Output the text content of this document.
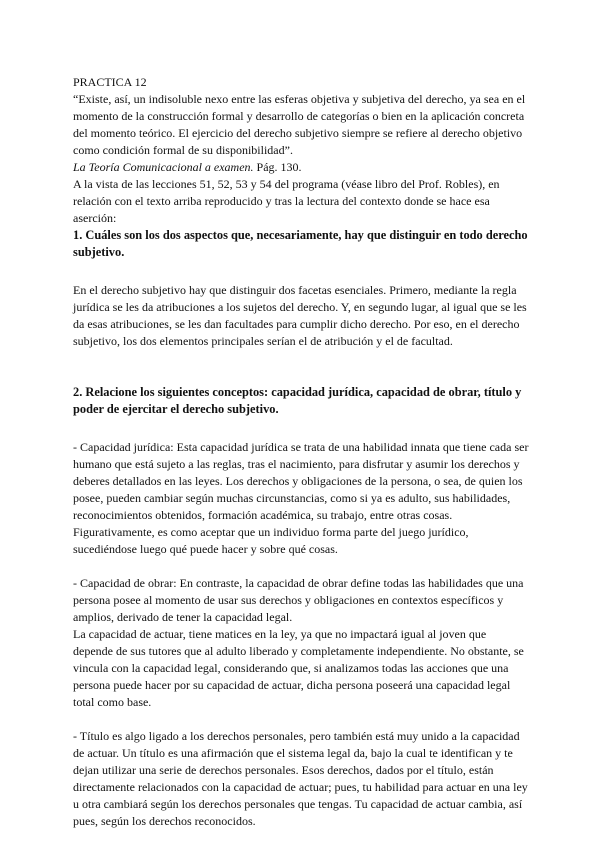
PRACTICA 12

“Existe, así, un indisoluble nexo entre las esferas objetiva y subjetiva del derecho, ya sea en el momento de la construcción formal y desarrollo de categorías o bien en la aplicación concreta del momento teórico. El ejercicio del derecho subjetivo siempre se refiere al derecho objetivo como condición formal de su disponibilidad”.

La Teoría Comunicacional a examen. Pág. 130.

A la vista de las lecciones 51, 52, 53 y 54 del programa (véase libro del Prof. Robles), en relación con el texto arriba reproducido y tras la lectura del contexto donde se hace esa aserción:

1. Cuáles son los dos aspectos que, necesariamente, hay que distinguir en todo derecho subjetivo.

En el derecho subjetivo hay que distinguir dos facetas esenciales. Primero, mediante la regla jurídica se les da atribuciones a los sujetos del derecho. Y, en segundo lugar, al igual que se les da esas atribuciones, se les dan facultades para cumplir dicho derecho. Por eso, en el derecho subjetivo, los dos elementos principales serían el de atribución y el de facultad.

2. Relacione los siguientes conceptos: capacidad jurídica, capacidad de obrar, título y poder de ejercitar el derecho subjetivo.

- Capacidad jurídica: Esta capacidad jurídica se trata de una habilidad innata que tiene cada ser humano que está sujeto a las reglas, tras el nacimiento, para disfrutar y asumir los derechos y deberes detallados en las leyes. Los derechos y obligaciones de la persona, o sea, de quien los posee, pueden cambiar según muchas circunstancias, como si ya es adulto, sus habilidades, reconocimientos obtenidos, formación académica, su trabajo, entre otras cosas. Figurativamente, es como aceptar que un individuo forma parte del juego jurídico, sucediéndose luego qué puede hacer y sobre qué cosas.

- Capacidad de obrar: En contraste, la capacidad de obrar define todas las habilidades que una persona posee al momento de usar sus derechos y obligaciones en contextos específicos y amplios, derivado de tener la capacidad legal.

La capacidad de actuar, tiene matices en la ley, ya que no impactará igual al joven que depende de sus tutores que al adulto liberado y completamente independiente. No obstante, se vincula con la capacidad legal, considerando que, si analizamos todas las acciones que una persona puede hacer por su capacidad de actuar, dicha persona poseerá una capacidad legal total como base.

- Título es algo ligado a los derechos personales, pero también está muy unido a la capacidad de actuar. Un título es una afirmación que el sistema legal da, bajo la cual te identifican y te dejan utilizar una serie de derechos personales. Esos derechos, dados por el título, están directamente relacionados con la capacidad de actuar; pues, tu habilidad para actuar en una ley u otra cambiará según los derechos personales que tengas. Tu capacidad de actuar cambia, así pues, según los derechos reconocidos.
